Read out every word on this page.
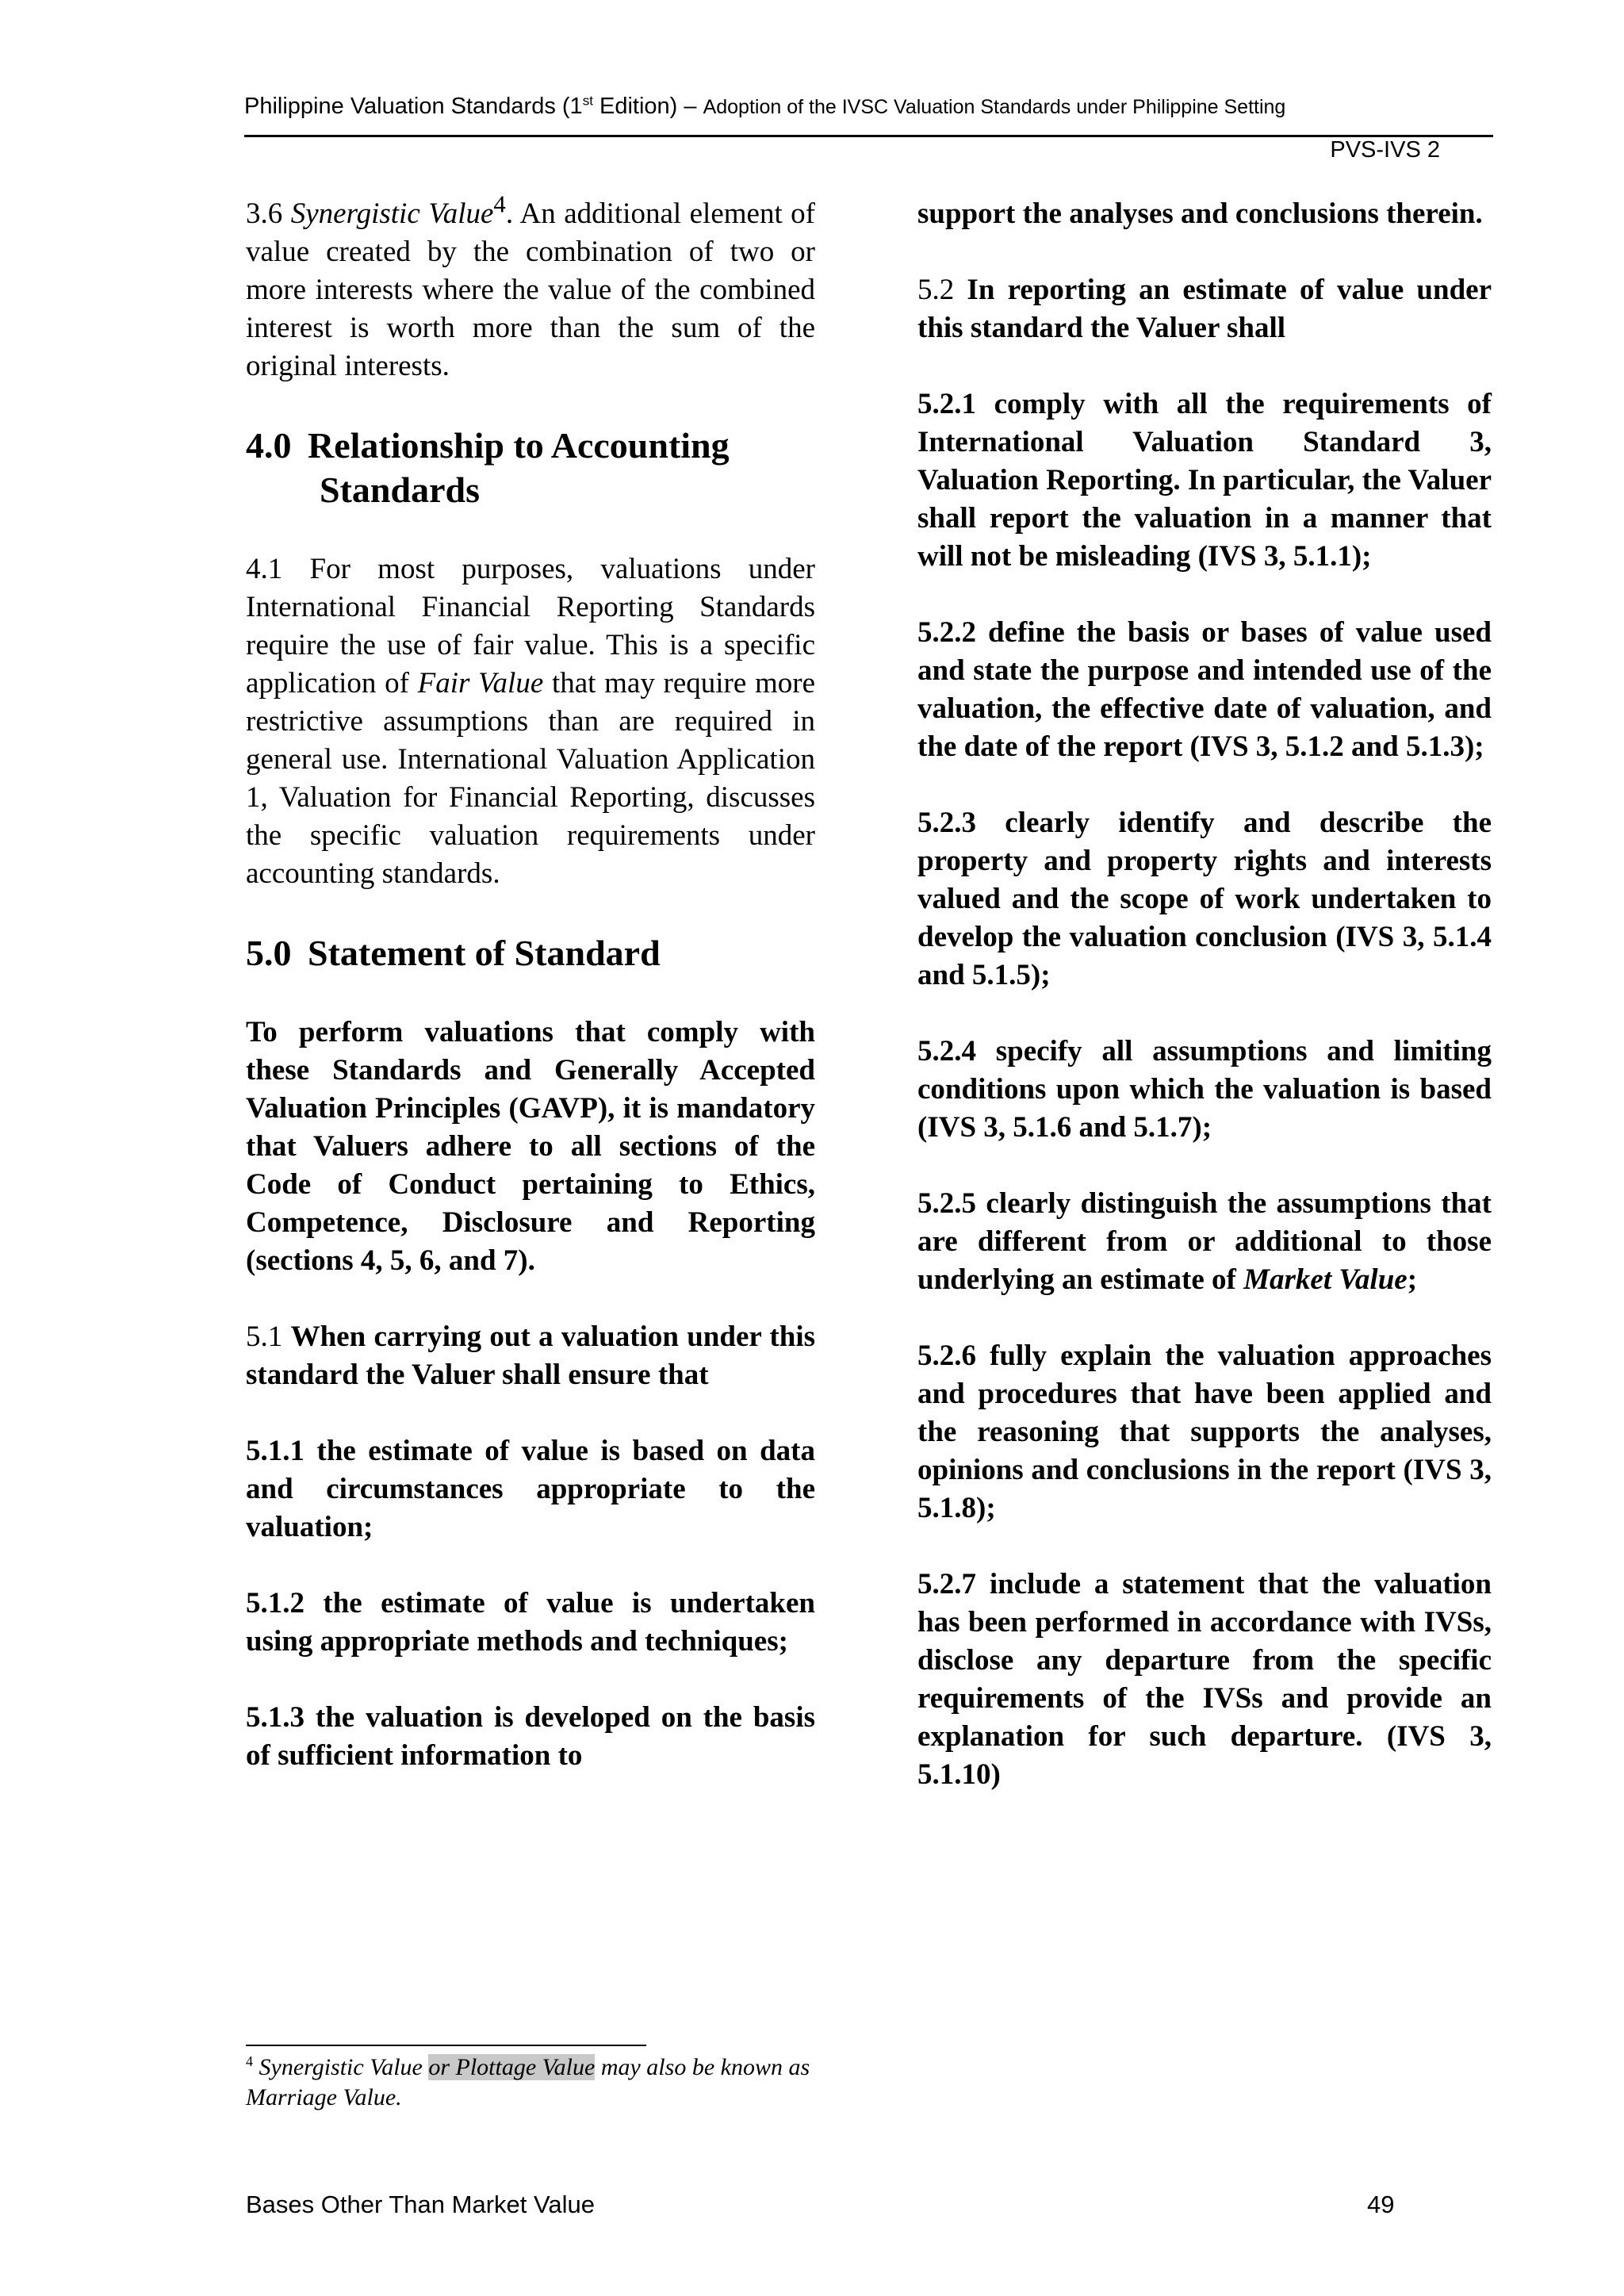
Philippine Valuation Standards (1st Edition) – Adoption of the IVSC Valuation Standards under Philippine Setting
PVS-IVS 2

3.6 Synergistic Value$^4$. An additional element of value created by the combination of two or more interests where the value of the combined interest is worth more than the sum of the original interests.

4.0 Relationship to Accounting
Standards

4.1 For most purposes, valuations under International Financial Reporting Standards require the use of fair value. This is a specific application of Fair Value that may require more restrictive assumptions than are required in general use. International Valuation Application 1, Valuation for Financial Reporting, discusses the specific valuation requirements under accounting standards.

5.0 Statement of Standard

To perform valuations that comply with these Standards and Generally Accepted Valuation Principles (GAVP), it is mandatory that Valuers adhere to all sections of the Code of Conduct pertaining to Ethics, Competence, Disclosure and Reporting (sections 4, 5, 6, and 7).

5.1 When carrying out a valuation under this standard the Valuer shall ensure that

5.1.1 the estimate of value is based on data and circumstances appropriate to the valuation;

5.1.2 the estimate of value is undertaken using appropriate methods and techniques;

5.1.3 the valuation is developed on the basis of sufficient information to

support the analyses and conclusions therein.

5.2 In reporting an estimate of value under this standard the Valuer shall

5.2.1 comply with all the requirements of International Valuation Standard 3, Valuation Reporting. In particular, the Valuer shall report the valuation in a manner that will not be misleading (IVS 3, 5.1.1);

5.2.2 define the basis or bases of value used and state the purpose and intended use of the valuation, the effective date of valuation, and the date of the report (IVS 3, 5.1.2 and 5.1.3);

5.2.3 clearly identify and describe the property and property rights and interests valued and the scope of work undertaken to develop the valuation conclusion (IVS 3, 5.1.4 and 5.1.5);

5.2.4 specify all assumptions and limiting conditions upon which the valuation is based (IVS 3, 5.1.6 and 5.1.7);

5.2.5 clearly distinguish the assumptions that are different from or additional to those underlying an estimate of Market Value;

5.2.6 fully explain the valuation approaches and procedures that have been applied and the reasoning that supports the analyses, opinions and conclusions in the report (IVS 3, 5.1.8);

5.2.7 include a statement that the valuation has been performed in accordance with IVSs, disclose any departure from the specific requirements of the IVSs and provide an explanation for such departure. (IVS 3, 5.1.10)

$^4$ Synergistic Value or Plottage Value may also be known as Marriage Value.
Bases Other Than Market Value	49
